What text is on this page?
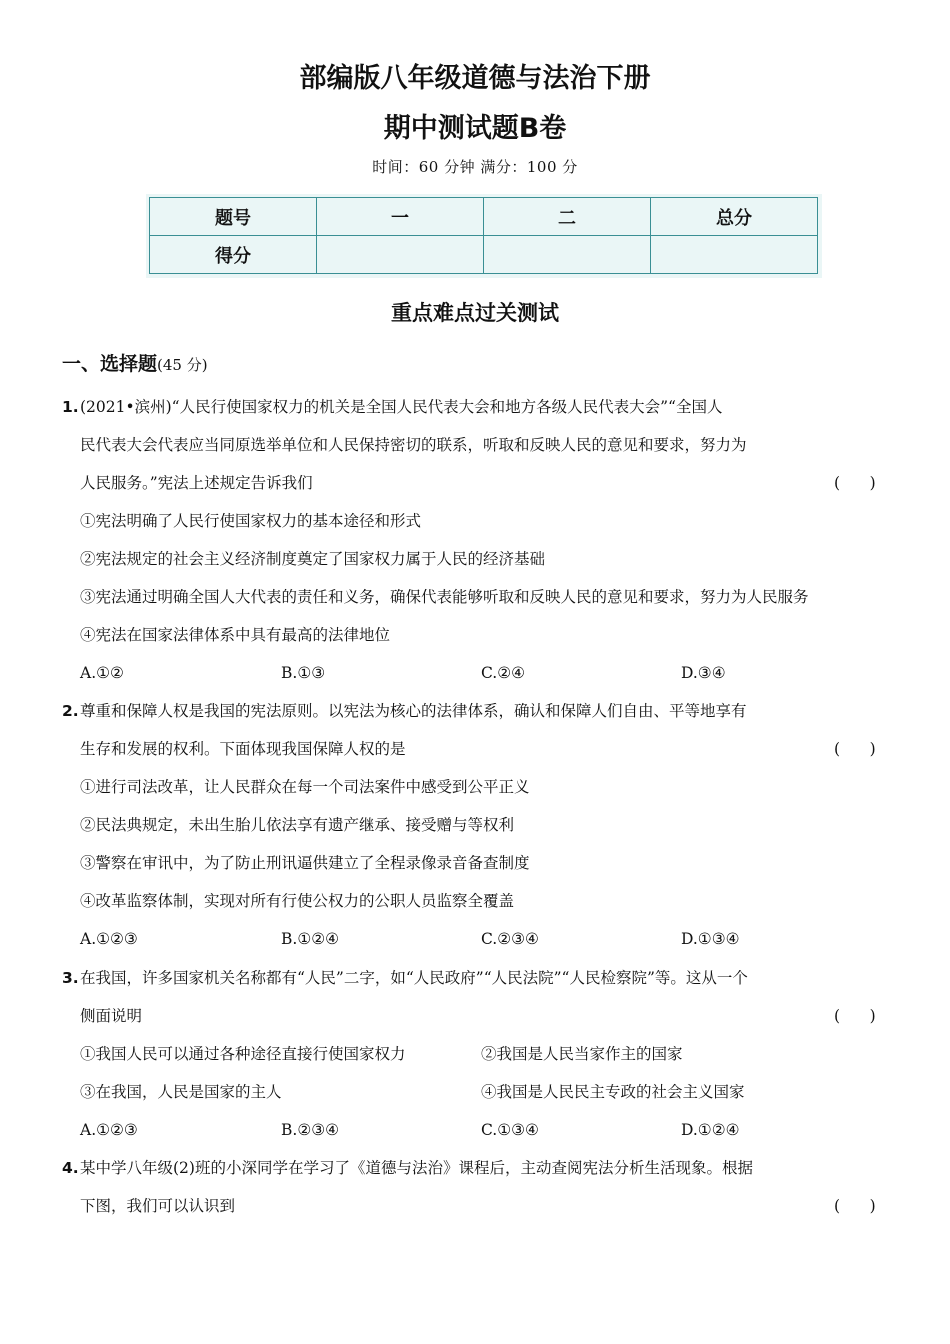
部编版八年级道德与法治下册
期中测试题B卷
时间：60 分钟 满分：100 分
题号	一	二	总分
得分			
重点难点过关测试
一、选择题(45 分)
1. (2021•滨州)“人民行使国家权力的机关是全国人民代表大会和地方各级人民代表大会”“全国人
民代表大会代表应当同原选举单位和人民保持密切的联系，听取和反映人民的意见和要求，努力为
人民服务。”宪法上述规定告诉我们	(      )
①宪法明确了人民行使国家权力的基本途径和形式
②宪法规定的社会主义经济制度奠定了国家权力属于人民的经济基础
③宪法通过明确全国人大代表的责任和义务，确保代表能够听取和反映人民的意见和要求，努力为人民服务
④宪法在国家法律体系中具有最高的法律地位
A.①②	B.①③	C.②④	D.③④
2. 尊重和保障人权是我国的宪法原则。以宪法为核心的法律体系，确认和保障人们自由、平等地享有
生存和发展的权利。下面体现我国保障人权的是	(      )
①进行司法改革，让人民群众在每一个司法案件中感受到公平正义
②民法典规定，未出生胎儿依法享有遗产继承、接受赠与等权利
③警察在审讯中，为了防止刑讯逼供建立了全程录像录音备查制度
④改革监察体制，实现对所有行使公权力的公职人员监察全覆盖
A.①②③	B.①②④	C.②③④	D.①③④
3. 在我国，许多国家机关名称都有“人民”二字，如“人民政府”“人民法院”“人民检察院”等。这从一个
侧面说明	(      )
①我国人民可以通过各种途径直接行使国家权力	②我国是人民当家作主的国家
③在我国，人民是国家的主人	④我国是人民民主专政的社会主义国家
A.①②③	B.②③④	C.①③④	D.①②④
4. 某中学八年级(2)班的小深同学在学习了《道德与法治》课程后，主动查阅宪法分析生活现象。根据
下图，我们可以认识到	(      )
